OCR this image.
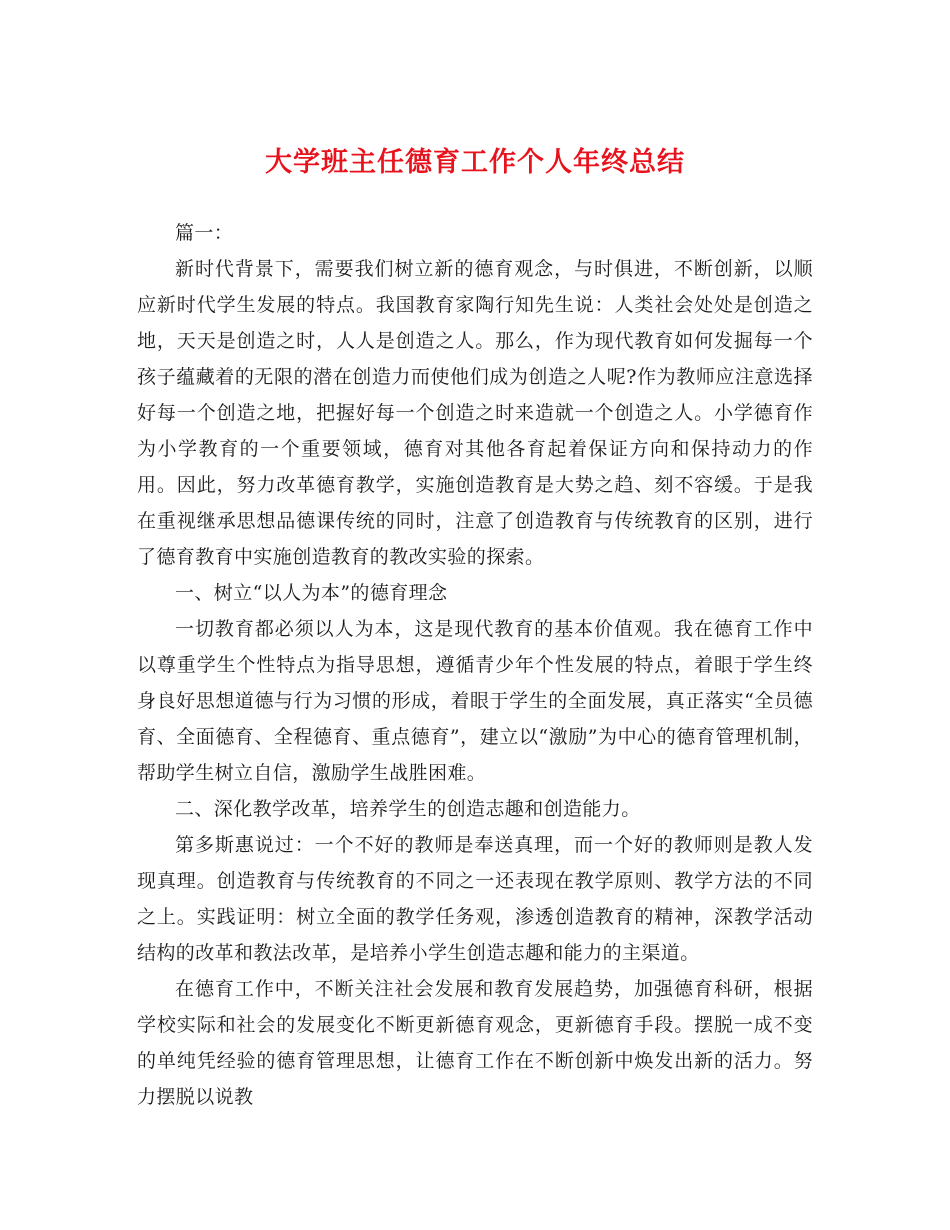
大学班主任德育工作个人年终总结

篇一：

新时代背景下，需要我们树立新的德育观念，与时俱进，不断创新，以顺应新时代学生发展的特点。我国教育家陶行知先生说：人类社会处处是创造之地，天天是创造之时，人人是创造之人。那么，作为现代教育如何发掘每一个孩子蕴藏着的无限的潜在创造力而使他们成为创造之人呢?作为教师应注意选择好每一个创造之地，把握好每一个创造之时来造就一个创造之人。小学德育作为小学教育的一个重要领域，德育对其他各育起着保证方向和保持动力的作用。因此，努力改革德育教学，实施创造教育是大势之趋、刻不容缓。于是我在重视继承思想品德课传统的同时，注意了创造教育与传统教育的区别，进行了德育教育中实施创造教育的教改实验的探索。

一、树立“以人为本”的德育理念

一切教育都必须以人为本，这是现代教育的基本价值观。我在德育工作中以尊重学生个性特点为指导思想，遵循青少年个性发展的特点，着眼于学生终身良好思想道德与行为习惯的形成，着眼于学生的全面发展，真正落实“全员德育、全面德育、全程德育、重点德育”，建立以“激励”为中心的德育管理机制，帮助学生树立自信，激励学生战胜困难。

二、深化教学改革，培养学生的创造志趣和创造能力。

第多斯惠说过：一个不好的教师是奉送真理，而一个好的教师则是教人发现真理。创造教育与传统教育的不同之一还表现在教学原则、教学方法的不同之上。实践证明：树立全面的教学任务观，渗透创造教育的精神，深教学活动结构的改革和教法改革，是培养小学生创造志趣和能力的主渠道。

在德育工作中，不断关注社会发展和教育发展趋势，加强德育科研，根据学校实际和社会的发展变化不断更新德育观念，更新德育手段。摆脱一成不变的单纯凭经验的德育管理思想，让德育工作在不断创新中焕发出新的活力。努力摆脱以说教
